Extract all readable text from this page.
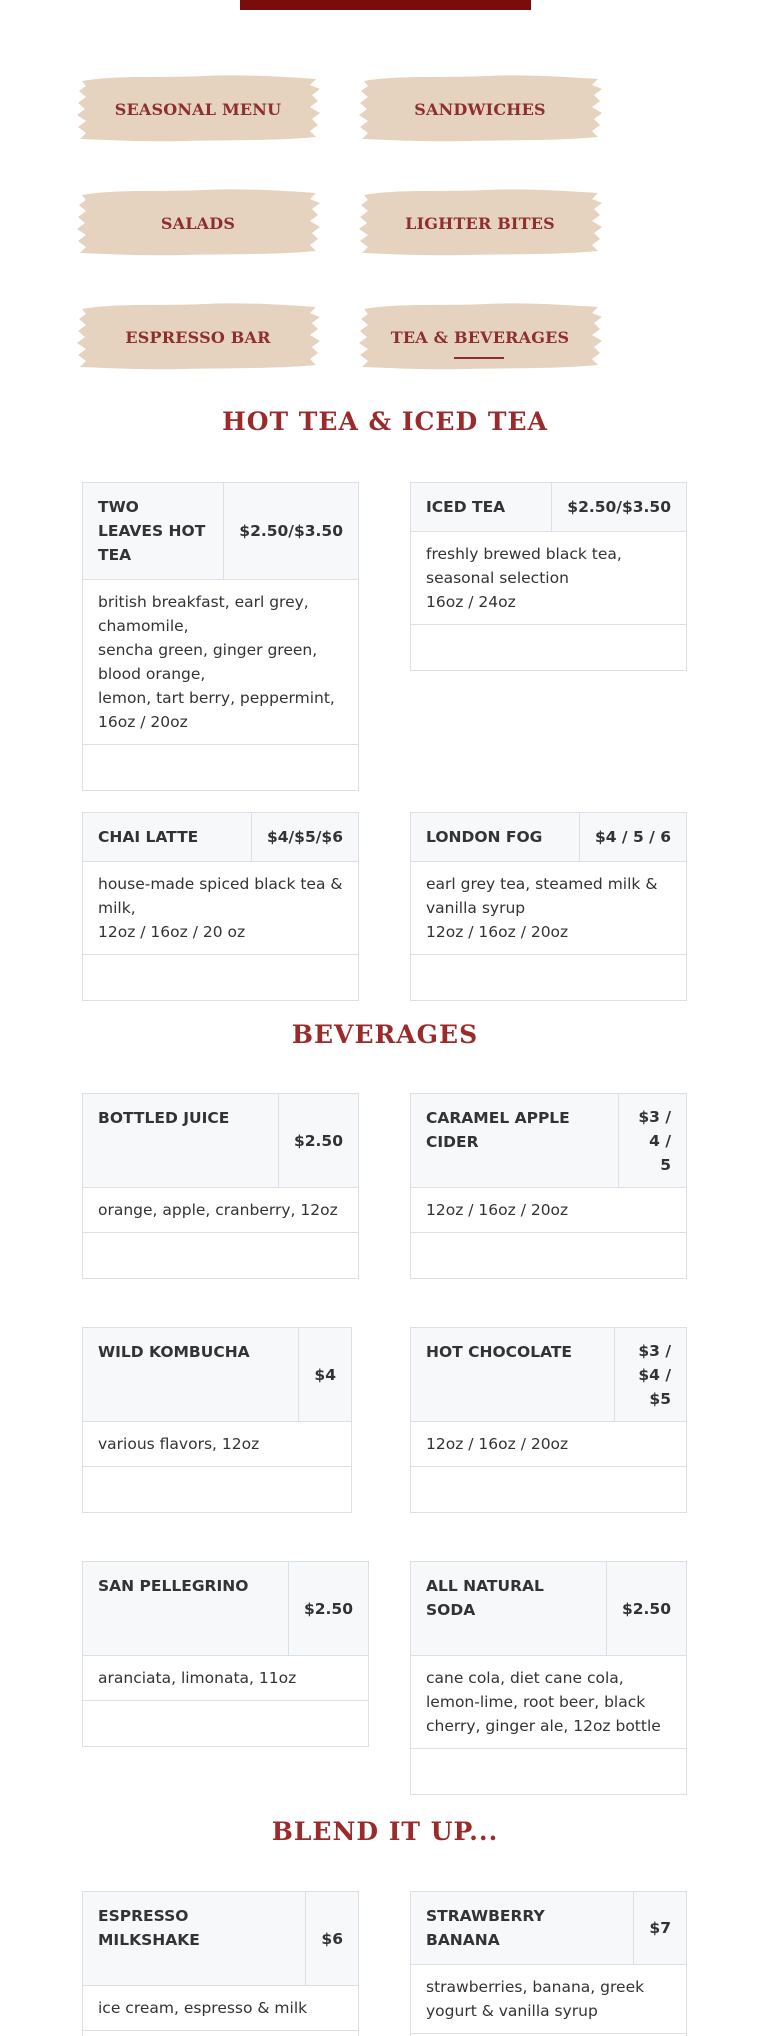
SEASONAL MENU	SANDWICHES
SALADS	LIGHTER BITES
ESPRESSO BAR	TEA & BEVERAGES
HOT TEA & ICED TEA
TWO LEAVES HOT TEA
$2.50/$3.50
british breakfast, earl grey, chamomile,
sencha green, ginger green, blood orange,
lemon, tart berry, peppermint,
16oz / 20oz
ICED TEA	$2.50/$3.50
freshly brewed black tea, seasonal selection
16oz / 24oz
CHAI LATTE	$4/$5/$6
house-made spiced black tea & milk,
12oz / 16oz / 20 oz
LONDON FOG	$4 / 5 / 6
earl grey tea, steamed milk & vanilla syrup
12oz / 16oz / 20oz
BEVERAGES
BOTTLED JUICE
$2.50
orange, apple, cranberry, 12oz
CARAMEL APPLE CIDER
$3 / 4 / 5
12oz / 16oz / 20oz
WILD KOMBUCHA
$4
various flavors, 12oz
HOT CHOCOLATE	$3 / $4 / $5
12oz / 16oz / 20oz
SAN PELLEGRINO
$2.50
aranciata, limonata, 11oz
ALL NATURAL SODA	$2.50
cane cola, diet cane cola, lemon-lime, root beer, black cherry, ginger ale, 12oz bottle
BLEND IT UP...
ESPRESSO MILKSHAKE	$6
ice cream, espresso & milk
STRAWBERRY BANANA
$7
strawberries, banana, greek yogurt & vanilla syrup
